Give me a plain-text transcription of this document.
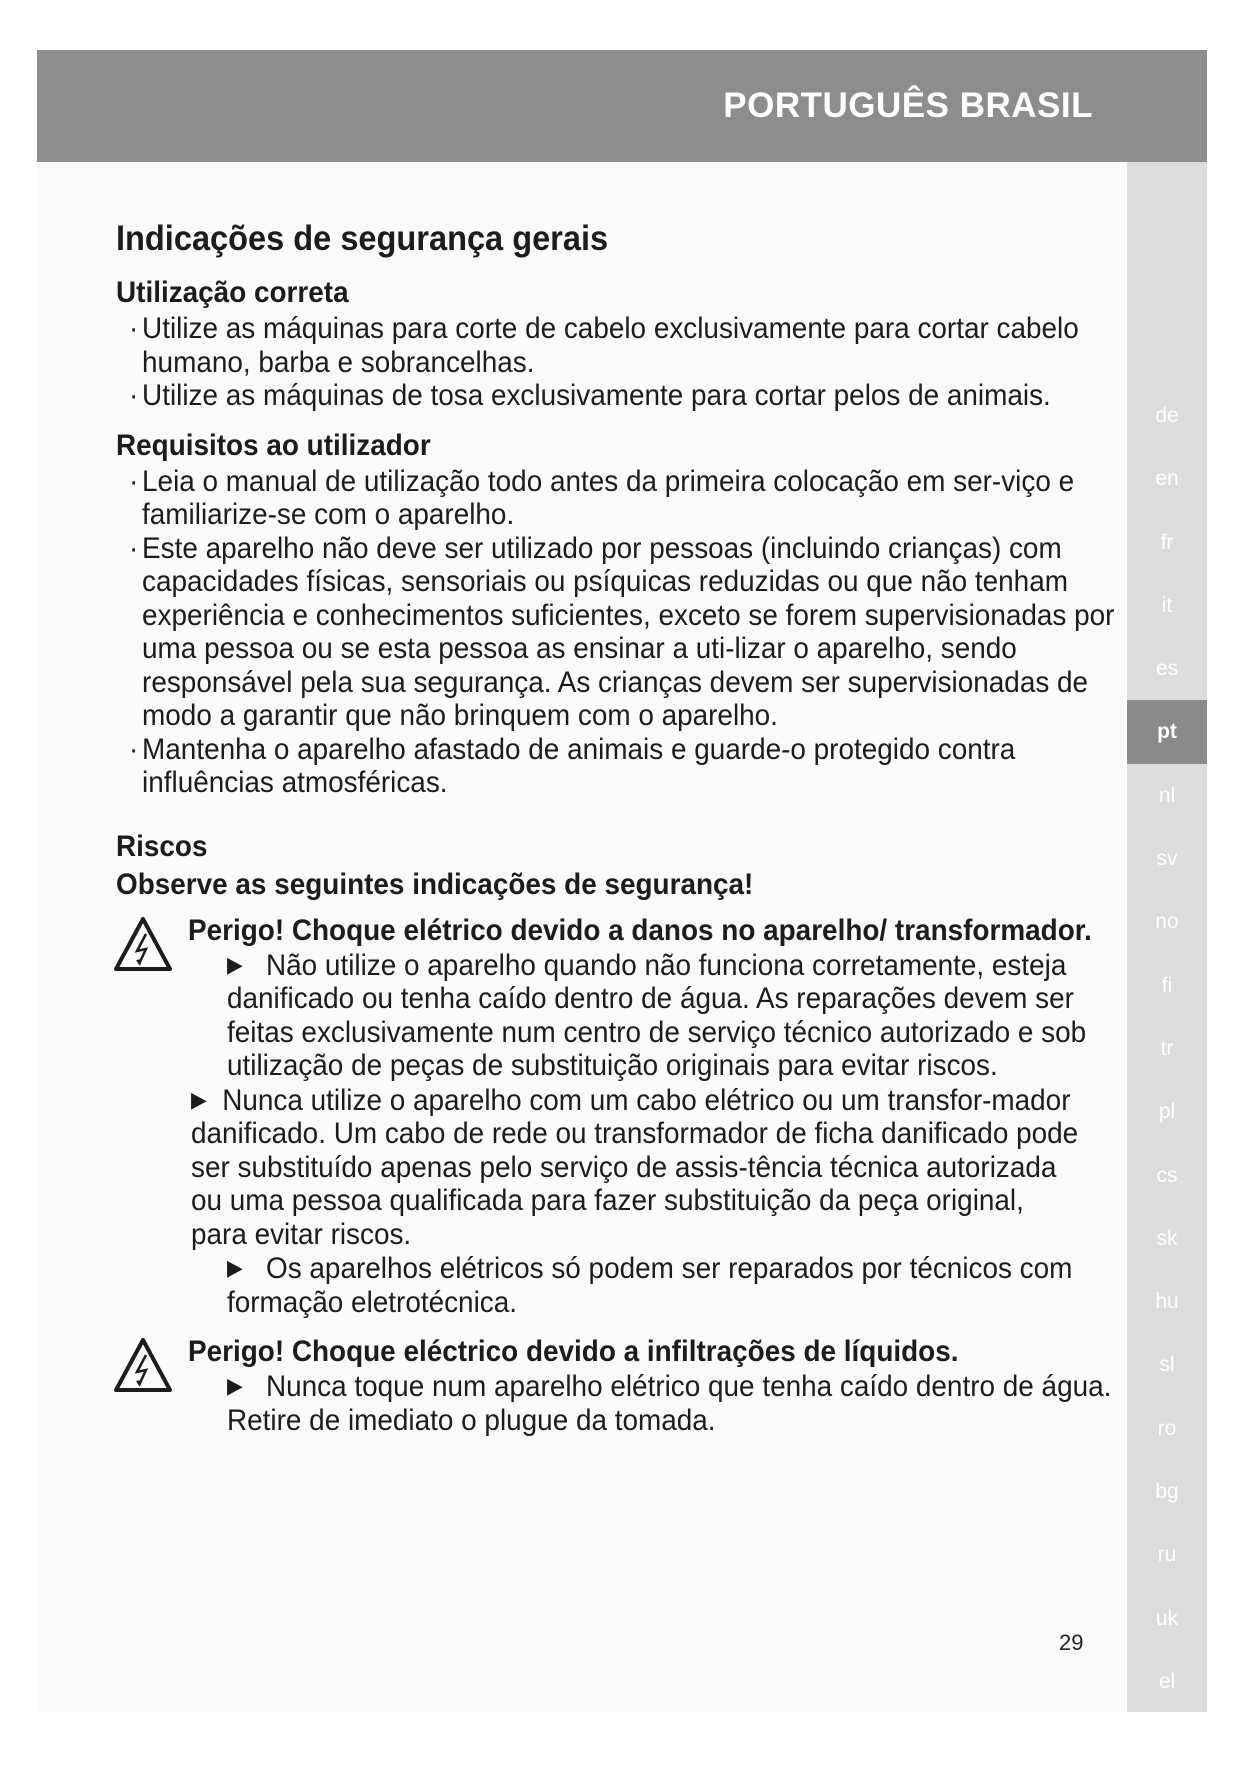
PORTUGUÊS BRASIL
de
en
fr
it
es
pt
nl
sv
no
fi
tr
pl
cs
sk
hu
sl
ro
bg
ru
uk
el
ar
Indicações de segurança gerais
Utilização correta
· Utilize as máquinas para corte de cabelo exclusivamente para cortar cabelo humano, barba e sobrancelhas.
· Utilize as máquinas de tosa exclusivamente para cortar pelos de animais.
Requisitos ao utilizador
· Leia o manual de utilização todo antes da primeira colocação em ser-viço e familiarize-se com o aparelho.
· Este aparelho não deve ser utilizado por pessoas (incluindo crianças) com capacidades físicas, sensoriais ou psíquicas reduzidas ou que não tenham experiência e conhecimentos suficientes, exceto se forem supervisionadas por uma pessoa ou se esta pessoa as ensinar a uti-lizar o aparelho, sendo responsável pela sua segurança. As crianças devem ser supervisionadas de modo a garantir que não brinquem com o aparelho.
· Mantenha o aparelho afastado de animais e guarde-o protegido contra influências atmosféricas.
Riscos
Observe as seguintes indicações de segurança!
Perigo! Choque elétrico devido a danos no aparelho/ transformador.
▶ Não utilize o aparelho quando não funciona corretamente, esteja danificado ou tenha caído dentro de água. As reparações devem ser feitas exclusivamente num centro de serviço técnico autorizado e sob utilização de peças de substituição originais para evitar riscos.
▶ Nunca utilize o aparelho com um cabo elétrico ou um transfor-mador danificado. Um cabo de rede ou transformador de ficha danificado pode ser substituído apenas pelo serviço de assis-tência técnica autorizada ou uma pessoa qualificada para fazer substituição da peça original, para evitar riscos.
▶ Os aparelhos elétricos só podem ser reparados por técnicos com formação eletrotécnica.
Perigo! Choque eléctrico devido a infiltrações de líquidos.
▶ Nunca toque num aparelho elétrico que tenha caído dentro de água. Retire de imediato o plugue da tomada.
29
